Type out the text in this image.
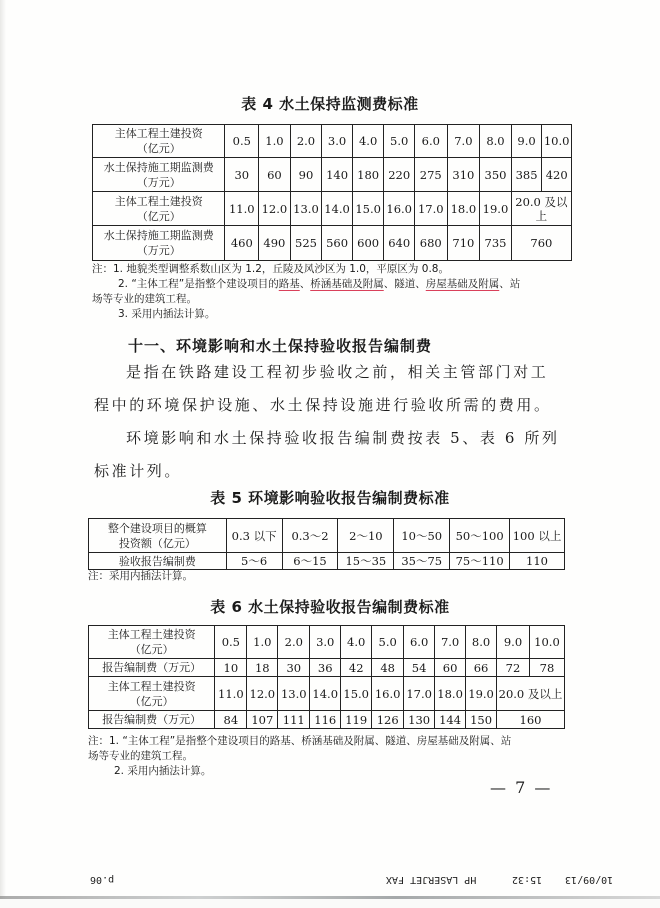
表 4 水土保持监测费标准
主体工程土建投资
（亿元）	0.5	1.0	2.0	3.0	4.0	5.0	6.0	7.0	8.0	9.0	10.0

水土保持施工期监测费
（万元）	30	60	90	140	180	220	275	310	350	385	420

主体工程土建投资
（亿元）	11.0	12.0	13.0	14.0	15.0	16.0	17.0	18.0	19.0	20.0 及以上	

水土保持施工期监测费
（万元）	460	490	525	560	600	640	680	710	735	760	
注：1. 地貌类型调整系数山区为 1.2，丘陵及风沙区为 1.0，平原区为 0.8。
2. “主体工程”是指整个建设项目的路基、桥涵基础及附属、隧道、房屋基础及附属、站
场等专业的建筑工程。
3. 采用内插法计算。
十一、环境影响和水土保持验收报告编制费

是指在铁路建设工程初步验收之前，相关主管部门对工程中的环境保护设施、水土保持设施进行验收所需的费用。

环境影响和水土保持验收报告编制费按表 5、表 6 所列标准计列。

表 5 环境影响验收报告编制费标准
整个建设项目的概算
投资额（亿元）	0.3 以下	0.3～2	2～10	10～50	50～100	100 以上
验收报告编制费	5～6	6～15	15～35	35～75	75～110	110
注：采用内插法计算。
表 6 水土保持验收报告编制费标准
主体工程土建投资
（亿元）	0.5	1.0	2.0	3.0	4.0	5.0	6.0	7.0	8.0	9.0	10.0
报告编制费（万元）	10	18	30	36	42	48	54	60	66	72	78

主体工程土建投资
（亿元）	11.0	12.0	13.0	14.0	15.0	16.0	17.0	18.0	19.0	20.0 及以上	
报告编制费（万元）	84	107	111	116	119	126	130	144	150	160	
注：1. “主体工程”是指整个建设项目的路基、桥涵基础及附属、隧道、房屋基础及附属、站
场等专业的建筑工程。
2. 采用内插法计算。
— 7 —
p.06	HP LASERJET FAX	15:32 10/09/13
